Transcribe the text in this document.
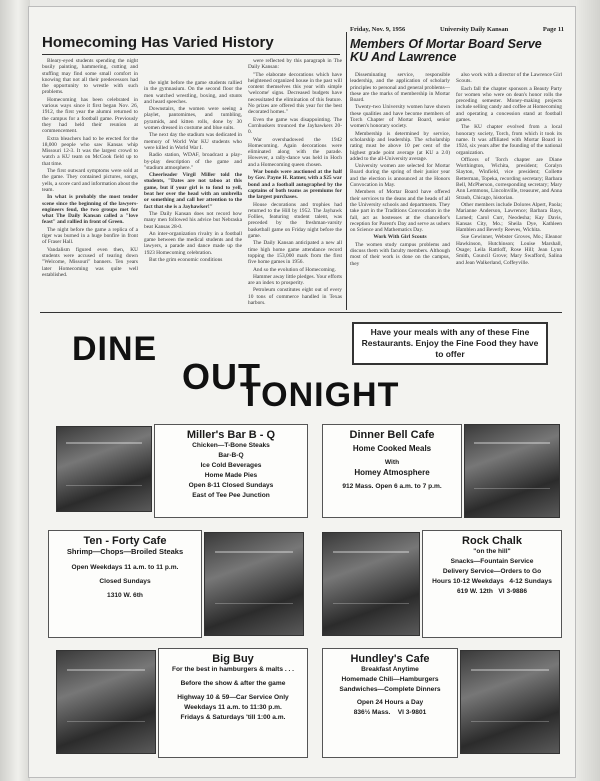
Friday, Nov. 9, 1956	University Daily Kansan	Page 11
Homecoming Has Varied History

Bleary-eyed students spending the night busily painting, hammering, cutting and stuffing may find some small comfort in knowing that not all their predecessors had the opportunity to wrestle with such problems.

Homecoming has been celebrated in various ways since it first began Nov. 26, 1912, the first year the alumni returned to the campus for a football game. Previously they had held their reunion at commencement.

Extra bleachers had to be erected for the 18,000 people who saw Kansas whip Missouri 12-3. It was the largest crowd to watch a KU team on McCook field up to that time.

The first outward symptoms were sold at the game. They contained pictures, songs, yells, a score card and information about the team.

In what is probably the most tender scene since the beginning of the lawyers-engineers feud, the two groups met for what The Daily Kansan called a "love feast" and rallied in front of Green.

The night before the game a replica of a tiger was burned in a huge bonfire in front of Fraser Hall.

Vandalism figured even then, KU students were accused of tearing down "Welcome, Missouri" banners. Ten years later Homecoming was quite well established.

the night before the game students rallied in the gymnasium. On the second floor the men watched wrestling, boxing, and stunts and heard speeches.

Downstairs, the women were seeing a playlet, pantomimes, and tumbling, pyramids, and kitten rolls, done by 30 women dressed in costume and blue suits.

The next day the stadium was dedicated in memory of World War KU students who were killed in World War I.

Radio station, WDAF, broadcast a play-by-play description of the game and "stadium atmosphere."

Cheerleader Virgil Miller told the students, "Dates are not taboo at this game, but if your girl is to fond to yell, beat her over the head with an umbrella or something and call her attention to the fact that she is a Jayhawker!"

The Daily Kansan does not record how many men followed his advice but Nebraska beat Kansas 28-0.

An inter-organization rivalry in a football game between the medical students and the lawyers, a parade and dance made up the 1923 Homecoming celebration.

But the grim economic conditions

were reflected by this paragraph in The Daily Kansan:

"The elaborate decorations which have heightened organized house in the past will content themselves this year with simple 'welcome' signs. Decreased budgets have necessitated the elimination of this feature. No prizes are offered this year for the best decorated homes."

Even the game was disappointing. The Cornhuskers trounced the Jayhawkers 20-0.

War overshadowed the 1942 Homecoming. Again decorations were eliminated along with the parade. However, a rally-dance was held in Hoch and a Homecoming queen chosen.

War bonds were auctioned at the half by Gov. Payne H. Ratner, with a $25 war bond and a football autographed by the captains of both teams as premiums for the largest purchases.

House decorations and trophies had returned to the Hill by 1952. The Jayhawk Follies, featuring student talent, was preceded by the freshman-varsity basketball game on Friday night before the game.

The Daily Kansan anticipated a new all time high home game attendance record topping the 153,000 mark from the first five home games in 1956.

And so the evolution of Homecoming.

Hammer away little pledges. Your efforts are an index to prosperity.

Petroleum constitutes eight out of every 10 tons of commerce handled in Texas harbors.

Members Of Mortar Board Serve KU And Lawrence

Disseminating service, responsible leadership, and the application of scholarly principles to personal and general problems—these are the marks of membership in Mortar Board.

Twenty-two University women have shown these qualities and have become members of Torch Chapter of Mortar Board, senior women's honorary society.

Membership is determined by service, scholarship and leadership. The scholarship rating must be above 10 per cent of the highest grade point average (at KU a 2.0) added to the all-University average.

University women are selected for Mortar Board during the spring of their junior year and the election is announced at the Honors Convocation in May.

Members of Mortar Board have offered their services to the deans and the heads of all the University schools and departments. They take part in the Traditions Convocation in the fall, act as hostesses at the chancellor's reception for Parent's Day and serve as ushers on Science and Mathematics Day.

Work With Girl Scouts

The women study campus problems and discuss them with faculty members. Although most of their work is done on the campus, they

also work with a director of the Lawrence Girl Scouts.

Each fall the chapter sponsors a Beauty Party for women who were on dean's honor rolls the preceding semester. Money-making projects include selling candy and coffee at Homecoming and operating a concession stand at football games.

The KU chapter evolved from a local honorary society, Torch, from which it took its name. It was affiliated with Mortar Board in 1924, six years after the founding of the national organization.

Officers of Torch chapter are Diane Worthington, Wichita, president; Coralyn Slayton, Winfield, vice president; Collette Betterman, Topeka, recording secretary; Barbara Bell, McPherson, corresponding secretary; Mary Ann Lemmons, Lincolnville, treasurer, and Anna Straub, Chicago, historian.

Other members include Dolores Alpert, Paola; Marianne Anderson, Lawrence; Barbara Bays, Larned; Carol Curr, Neodesha; Kay Davis, Kansas City, Mo.; Sheila Dye, Kathleen Hamblen and Beverly Reeves, Wichita.

Sue Gewinner, Webster Groves, Mo.; Eleanor Hawkinson, Hutchinson; Louise Marshall, Osage; Leila Rattloff, Rose Hill; Jean Lynn Smith, Council Grove; Mary Swafford, Salina and Jean Walkerland, Coffeyville.

DINE
OUT
TONIGHT
Have your meals with any of these Fine Restaurants. Enjoy the Fine Food they have to offer
Miller's Bar B - Q
Chicken—T-Bone Steaks
Bar-B-Q
Ice Cold Beverages
Home Made Pies
Open 8-11 Closed Sundays
East of Tee Pee Junction
Dinner Bell Cafe
Home Cooked Meals
With
Homey Atmosphere
912 Mass. Open 6 a.m. to 7 p.m.
Ten - Forty Cafe
Shrimp—Chops—Broiled Steaks
Open Weekdays 11 a.m. to 11 p.m.
Closed Sundays
1310 W. 6th
Rock Chalk
"on the hill"
Snacks—Fountain Service
Delivery Service—Orders to Go
Hours 10-12 Weekdays 4-12 Sundays
619 W. 12th VI 3-9886
Big Buy
For the best in hamburgers & malts . . .
Before the show & after the game
Highway 10 & 59—Car Service Only
Weekdays 11 a.m. to 11:30 p.m.
Fridays & Saturdays 'till 1:00 a.m.
Hundley's Cafe
Breakfast Anytime
Homemade Chili—Hamburgers
Sandwiches—Complete Dinners
Open 24 Hours a Day
836½ Mass. VI 3-9801
